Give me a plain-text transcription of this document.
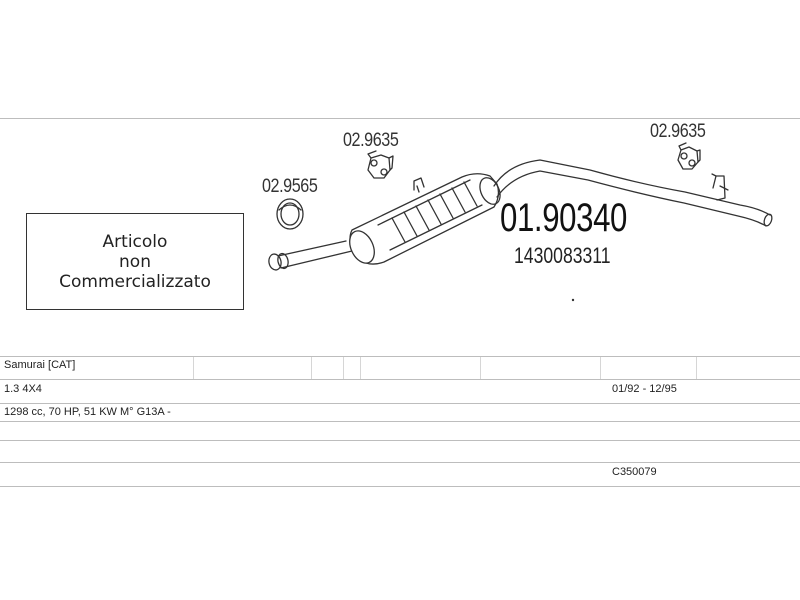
Articolo
non
Commercializzato
02.9565
02.9635	02.9635
01.90340
1430083311
Samurai [CAT]
1.3 4X4	01/92 - 12/95
1298 cc, 70 HP, 51 KW M° G13A -
C350079
